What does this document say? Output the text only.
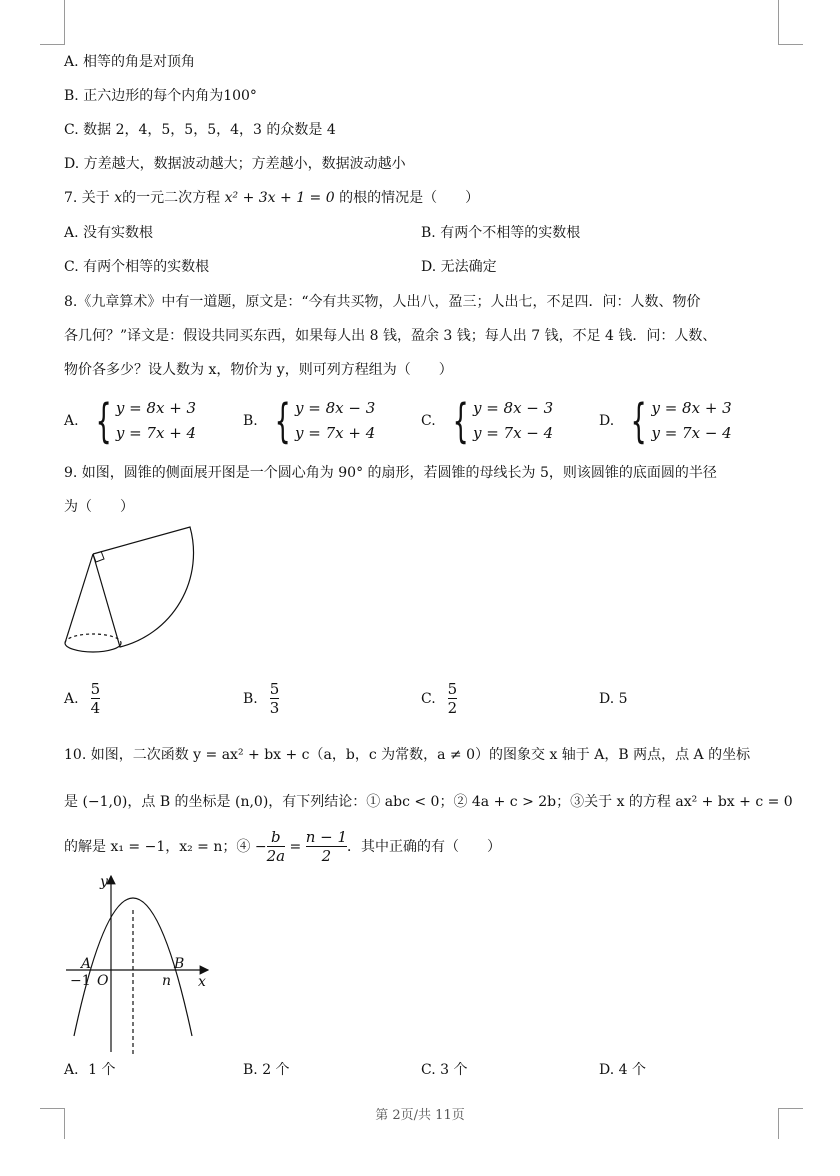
A. 相等的角是对顶角
B. 正六边形的每个内角为100°
C. 数据 2，4，5，5，5，4，3 的众数是 4
D. 方差越大，数据波动越大；方差越小，数据波动越小
7. 关于 x的一元二次方程 x² + 3x + 1 = 0 的根的情况是（　　）
A. 没有实数根	B. 有两个不相等的实数根
C. 有两个相等的实数根	D. 无法确定
8.《九章算术》中有一道题，原文是：“今有共买物，人出八，盈三；人出七，不足四．问：人数、物价
各几何？”译文是：假设共同买东西，如果每人出 8 钱，盈余 3 钱；每人出 7 钱，不足 4 钱．问：人数、
物价各多少？设人数为 x，物价为 y，则可列方程组为（　　）
A. { y = 8x + 3
y = 7x + 4
B. { y = 8x − 3
y = 7x + 4
C. { y = 8x − 3
y = 7x − 4
D. { y = 8x + 3
y = 7x − 4
9. 如图，圆锥的侧面展开图是一个圆心角为 90° 的扇形，若圆锥的母线长为 5，则该圆锥的底面圆的半径
为（　　）
A. $\frac{5}{4}$	B. $\frac{5}{3}$	C. $\frac{5}{2}$	D. 5
10. 如图，二次函数 y = ax² + bx + c（a，b，c 为常数，a ≠ 0）的图象交 x 轴于 A，B 两点，点 A 的坐标
是 (−1,0)，点 B 的坐标是 (n,0)，有下列结论：① abc < 0；② 4a + c > 2b；③关于 x 的方程 ax² + bx + c = 0
的解是 x₁ = −1，x₂ = n；④ − $\frac{b}{2a} = \frac{n - 1}{2}$ ．其中正确的有（　　）
y
x
A	B
O
−1	n
A．1 个	B. 2 个	C. 3 个	D. 4 个
第 2页/共 11页
